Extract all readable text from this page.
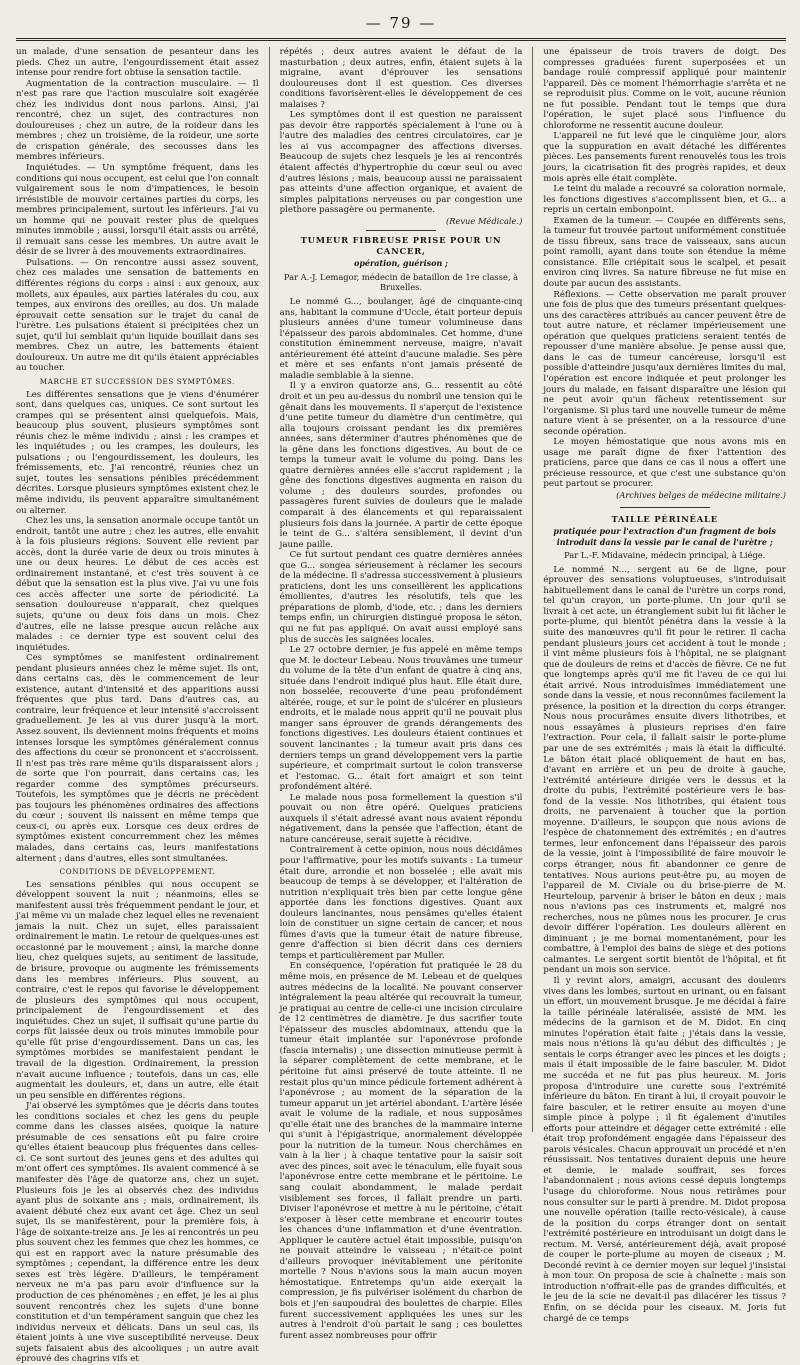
— 79 —

un malade, d'une sensation de pesanteur dans les pieds. Chez un autre, l'engourdissement était assez intense pour rendre fort obtuse la sensation tactile.

Augmentation de la contraction musculaire. — Il n'est pas rare que l'action musculaire soit exagérée chez les individus dont nous parlons. Ainsi, j'ai rencontré, chez un sujet, des contractures non douloureuses ; chez un autre, de la roideur dans les membres ; chez un troisième, de la roideur, une sorte de crispation générale, des secousses dans les membres inférieurs.

Inquiétudes. — Un symptôme fréquent, dans les conditions qui nous occupent, est celui que l'on connaît vulgairement sous le nom d'impatiences, le besoin irrésistible de mouvoir certaines parties du corps, les membres principalement, surtout les inférieurs. J'ai vu un homme qui ne pouvait rester plus de quelques minutes immobile ; aussi, lorsqu'il était assis ou arrêté, il remuait sans cesse les membres. Un autre avait le désir de se livrer à des mouvements extraordinaires.

Pulsations. — On rencontre aussi assez souvent, chez ces malades une sensation de battements en différentes régions du corps : ainsi : aux genoux, aux mollets, aux épaules, aux parties latérales du cou, aux tempes, aux environs des oreilles, au dos. Un malade éprouvait cette sensation sur le trajet du canal de l'urètre. Les pulsations étaient si précipitées chez un sujet, qu'il lui semblait qu'un liquide bouillait dans ses membres. Chez un autre, les battements étaient douloureux. Un autre me dit qu'ils étaient appréciables au toucher.

MARCHE ET SUCCESSION DES SYMPTÔMES.

Les différentes sensations que je viens d'énumérer sont, dans quelques cas, uniques. Ce sont surtout les crampes qui se présentent ainsi quelquefois. Mais, beaucoup plus souvent, plusieurs symptômes sont réunis chez le même individu ; ainsi : les crampes et les inquiétudes ; ou les crampes, les douleurs, les pulsations ; ou l'engourdissement, les douleurs, les frémissements, etc. J'ai rencontré, réunies chez un sujet, toutes les sensations pénibles précédemment décrites. Lorsque plusieurs symptômes existent chez le même individu, ils peuvent apparaître simultanément ou alterner.

Chez les uns, la sensation anormale occupe tantôt un endroit, tantôt une autre ; chez les autres, elle envahit à la fois plusieurs régions. Souvent elle revient par accès, dont la durée varie de deux ou trois minutes à une ou deux heures. Le début de ces accès est ordinairement instantané, et c'est très souvent à ce début que la sensation est la plus vive. J'ai vu une fois ces accès affecter une sorte de périodicité. La sensation douloureuse n'apparait, chez quelques sujets, qu'une ou deux fois dans un mois. Chez d'autres, elle ne laisse presque aucun relâche aux malades : ce dernier type est souvent celui des inquiétudes.

Ces symptômes se manifestent ordinairement pendant plusieurs années chez le même sujet. Ils ont, dans certains cas, dès le commencement de leur existence, autant d'intensité et des apparitions aussi fréquentes que plus tard. Dans d'autres cas, au contraire, leur fréquence et leur intensité s'accroissent graduellement. Je les ai vus durer jusqu'à la mort. Assez souvent, ils deviennent moins fréquents et moins intenses lorsque les symptômes généralement connus des affections du cœur se prononcent et s'accroissent. Il n'est pas très rare même qu'ils disparaissent alors ; de sorte que l'on pourrait, dans certains cas, les regarder comme des symptômes précurseurs. Toutefois, les symptômes que je décris ne précèdent pas toujours les phénomènes ordinaires des affections du cœur ; souvent ils naissent en même temps que ceux-ci, ou après eux. Lorsque ces deux ordres de symptômes existent concurremment chez les mêmes malades, dans certains cas, leurs manifestations alternent ; dans d'autres, elles sont simultanées.

CONDITIONS DE DÉVELOPPEMENT.

Les sensations pénibles qui nous occupent se développent souvent la nuit ; néanmoins, elles se manifestent aussi très fréquemment pendant le jour, et j'ai même vu un malade chez lequel elles ne revenaient jamais la nuit. Chez un sujet, elles paraissaient ordinairement le matin. Le retour de quelques-unes est occasionné par le mouvement ; ainsi, la marche donne lieu, chez quelques sujets, au sentiment de lassitude, de brisure, provoque ou augmente les frémissements dans les membres inférieurs. Plus souvent, au contraire, c'est le repos qui favorise le développement de plusieurs des symptômes qui nous occupent, principalement de l'engourdissement et des inquiétudes. Chez un sujet, il suffisait qu'une partie du corps fût laissée deux ou trois minutes immobile pour qu'elle fût prise d'engourdissement. Dans un cas, les symptômes morbides se manifestaient pendant le travail de la digestion. Ordinairement, la pression n'avait aucune influence ; toutefois, dans un cas, elle augmentait les douleurs, et, dans un autre, elle était un peu sensible en différentes régions.

J'ai observé les symptômes que je décris dans toutes les conditions sociales et chez les gens du peuple comme dans les classes aisées, quoique la nature présumable de ces sensations eût pu faire croire qu'elles étaient beaucoup plus fréquentes dans celles-ci. Ce sont surtout des jeunes gens et des adultes qui m'ont offert ces symptômes. Ils avaient commencé à se manifester dès l'âge de quatorze ans, chez un sujet. Plusieurs fois je les ai observés chez des individus ayant plus de soixante ans ; mais, ordinairement, ils avaient débuté chez eux avant cet âge. Chez un seul sujet, ils se manifestèrent, pour la première fois, à l'âge de soixante-treize ans. Je les ai rencontrés un peu plus souvent chez les femmes que chez les hommes, ce qui est en rapport avec la nature présumable des symptômes ; cependant, la différence entre les deux sexes est très légère. D'ailleurs, le tempérament nerveux ne m'a pas paru avoir d'influence sur la production de ces phénomènes ; en effet, je les ai plus souvent rencontrés chez les sujets d'une bonne constitution et d'un tempérament sanguin que chez les individus nerveux et délicats. Dans un seul cas, ils étaient joints à une vive susceptibilité nerveuse. Deux sujets faisaient abus des alcooliques ; un autre avait éprouvé des chagrins vifs et

répétés ; deux autres avaient le défaut de la masturbation ; deux autres, enfin, étaient sujets à la migraine, avant d'éprouver les sensations douloureuses dont il est question. Ces diverses conditions favorisèrent-elles le développement de ces malaises ?

Les symptômes dont il est question ne paraissent pas devoir être rapportés spécialement à l'une ou à l'autre des maladies des centres circulatoires, car je les ai vus accompagner des affections diverses. Beaucoup de sujets chez lesquels je les ai rencontrés étaient affectés d'hypertrophie du cœur seul ou avec d'autres lésions ; mais, beaucoup aussi ne paraissaient pas atteints d'une affection organique, et avaient de simples palpitations nerveuses ou par congestion une plethore passagère ou permanente.

(Revue Médicale.)
TUMEUR FIBREUSE PRISE POUR UN CANCER,
opération, guérison ;
Par A.-J. Lemagor, médecin de bataillon de 1re classe, à Bruxelles.

Le nommé G..., boulanger, âgé de cinquante-cinq ans, habitant la commune d'Uccle, était porteur depuis plusieurs années d'une tumeur volumineuse dans l'épaisseur des parois abdominales. Cet homme, d'une constitution éminemment nerveuse, maigre, n'avait antérieurement été atteint d'aucune maladie. Ses père et mère et ses enfants n'ont jamais présenté de maladie semblable à la sienne.

Il y a environ quatorze ans, G... ressentit au côté droit et un peu au-dessus du nombril une tension qui le gênait dans les mouvements. Il s'aperçut de l'existence d'une petite tumeur du diamètre d'un centimètre, qui alla toujours croissant pendant les dix premières années, sans déterminer d'autres phénomènes que de la gêne dans les fonctions digestives. Au bout de ce temps la tumeur avait le volume du poing. Dans les quatre dernières années elle s'accrut rapidement ; la gêne des fonctions digestives augmenta en raison du volume ; des douleurs sourdes, profondes ou passagères furent suivies de douleurs que le malade comparait à des élancements et qui reparaissaient plusieurs fois dans la journée. A partir de cette époque le teint de G... s'altéra sensiblement, il devint d'un jaune paille.

Ce fut surtout pendant ces quatre dernières années que G... songea sérieusement à réclamer les secours de la médecine. Il s'adressa successivement à plusieurs praticiens, dont les uns conseillèrent les applications émollientes, d'autres les résolutifs, tels que les préparations de plomb, d'iode, etc. ; dans les derniers temps enfin, un chirurgien distingué proposa le séton, qui ne fut pas appliqué. On avait aussi employé sans plus de succès les saignées locales.

Le 27 octobre dernier, je fus appelé en même temps que M. le docteur Lebeau. Nous trouvâmes une tumeur du volume de la tête d'un enfant de quatre à cinq ans, située dans l'endroit indiqué plus haut. Elle était dure, non bosselée, recouverte d'une peau profondément altérée, rouge, et sur le point de s'ulcérer en plusieurs endroits, et le malade nous apprit qu'il ne pouvait plus manger sans éprouver de grands dérangements des fonctions digestives. Les douleurs étaient continues et souvent lancinantes ; la tumeur avait pris dans ces derniers temps un grand développement vers la partie supérieure, et comprimait surtout le colon transverse et l'estomac. G... était fort amaigri et son teint profondément altéré.

Le malade nous posa formellement la question s'il pouvait ou non être opéré. Quelques praticiens auxquels il s'était adressé avant nous avaient répondu négativement, dans la pensée que l'affection, étant de nature cancéreuse, serait sujette à récidive.

Contrairement à cette opinion, nous nous décidâmes pour l'affirmative, pour les motifs suivants : La tumeur était dure, arrondie et non bosselée ; elle avait mis beaucoup de temps à se développer, et l'altération de nutrition n'expliquait très bien par cette longue gêne apportée dans les fonctions digestives. Quant aux douleurs lancinantes, nous pensâmes qu'elles étaient loin de constituer un signe certain de cancer, et nous fûmes d'avis que la tumeur était de nature fibreuse, genre d'affection si bien décrit dans ces derniers temps et particulièrement par Muller.

En conséquence, l'opération fut pratiquée le 28 du même mois, en présence de M. Lebeau et de quelques autres médecins de la localité. Ne pouvant conserver intégralement la peau altérée qui recouvrait la tumeur, je pratiquai au centre de celle-ci une incision circulaire de 12 centimètres de diamètre. Je dus sacrifier toute l'épaisseur des muscles abdominaux, attendu que la tumeur était implantée sur l'aponévrose profonde (fascia internalis) ; une dissection minutieuse permit à la séparer complètement de cette membrane, et le péritoine fut ainsi préservé de toute atteinte. Il ne restait plus qu'un mince pédicule fortement adhérent à l'aponévrose ; au moment de la séparation de la tumeur apparut un jet artériel abondant. L'artère lésée avait le volume de la radiale, et nous supposâmes qu'elle était une des branches de la mammaire interne qui s'unit à l'épigastrique, anormalement développée pour la nutrition de la tumeur. Nous cherchâmes en vain à la lier ; à chaque tentative pour la saisir soit avec des pinces, soit avec le ténaculum, elle fuyait sous l'aponévrose entre cette membrane et le péritoine. Le sang coulait abondamment, le malade perdait visiblement ses forces, il fallait prendre un parti. Diviser l'aponévrose et mettre à nu le péritoine, c'était s'exposer à lèser cette membrane et encourir toutes les chances d'une inflammation et d'une éventration. Appliquer le cautère actuel était impossible, puisqu'on ne pouvait atteindre le vaisseau ; n'était-ce point d'ailleurs provoquer inévitablement une péritonite mortelle ? Nous n'avions sous la main aucun moyen hémostatique. Entretemps qu'un aide exerçait la compression, je fis pulvériser isolément du charbon de bois et j'en saupoudrai des boulettes de charpie. Elles furent successivement appliquées les unes sur les autres à l'endroit d'où partait le sang ; ces boulettes furent assez nombreuses pour offrir

une épaisseur de trois travers de doigt. Des compresses graduées furent superposées et un bandage roulé compressif appliqué pour maintenir l'appareil. Dès ce moment l'hémorrhagie s'arrêta et ne se reproduisit plus. Comme on le voit, aucune réunion ne fut possible. Pendant tout le temps que dura l'opération, le sujet placé sous l'influence du chloroforme ne ressentit aucune douleur.

L'appareil ne fut levé que le cinquième jour, alors que la suppuration en avait détaché les différentes pièces. Les pansements furent renouvelés tous les trois jours, la cicatrisation fit des progrès rapides, et deux mois après elle était complète.

Le teint du malade a recouvré sa coloration normale, les fonctions digestives s'accomplissent bien, et G... a repris un certain embonpoint.

Examen de la tumeur. — Coupée en différents sens, la tumeur fut trouvée partout uniformément constituée de tissu fibreux, sans trace de vaisseaux, sans aucun point ramolli, ayant dans toute son étendue la même consistance. Elle criépitait sous le scalpel, et pesait environ cinq livres. Sa nature fibreuse ne fut mise en doute par aucun des assistants.

Réflexions. — Cette observation me paraît prouver une fois de plus que des tumeurs présentant quelques-uns des caractères attribués au cancer peuvent être de tout autre nature, et réclamer impérieusement une opération que quelques praticiens seraient tentés de repousser d'une manière absolue. Je pense aussi que, dans le cas de tumeur cancéreuse, lorsqu'il est possible d'atteindre jusqu'aux dernières limites du mal, l'opération est encore indiquée et peut prolonger les jours du malade, en faisant disparaître une lésion qui ne peut avoir qu'un fâcheux retentissement sur l'organisme. Si plus tard une nouvelle tumeur de même nature vient à se présenter, on a la ressource d'une seconde opération.

Le moyen hémostatique que nous avons mis en usage me paraît digne de fixer l'attention des praticiens, parce que dans ce cas il nous a offert une précieuse ressource, et que c'est une substance qu'on peut partout se procurer.

(Archives belges de médecine militaire.)
TAILLE PÉRINÉALE
pratiquée pour l'extraction d'un fragment de bois introduit dans la vessie par le canal de l'urètre ;
Par L.-F. Midavaine, médecin principal, à Liége.

Le nommé N..., sergent au 6e de ligne, pour éprouver des sensations voluptueuses, s'introduisait habituellement dans le canal de l'urètre un corps rond, tel qu'un crayon, un porte-plume. Un jour qu'il se livrait à cet acte, un étranglement subit lui fit lâcher le porte-plume, qui bientôt pénétra dans la vessie à la suite des manœuvres qu'il fit pour le retirer. Il cacha pendant plusieurs jours cet accident à tout le monde ; il vint même plusieurs fois à l'hôpital, ne se plaignant que de douleurs de reins et d'accès de fièvre. Ce ne fut que longtemps après qu'il me fit l'aveu de ce qui lui était arrivé. Nous introduisîmes immédiatement une sonde dans la vessie, et nous reconnûmes facilement la présence, la position et la direction du corps étranger. Nous nous procurâmes ensuite divers lithotribes, et nous essayâmes à plusieurs reprises d'en faire l'extraction. Pour cela, il fallait saisir le porte-plume par une de ses extrémités ; mais là était la difficulté. Le bâton était placé obliquement de haut en bas, d'avant en arrière et un peu de droite à gauche, l'extrémité antérieure dirigée vers le dessus et la droite du pubis, l'extrémité postérieure vers le bas-fond de la vessie. Nos lithotribes, qui étaient tous droits, ne parvenaient à toucher que la portion moyenne. D'ailleurs, le soupçon que nous avions de l'espèce de chatonnement des extrémités ; en d'autres termes, leur enfoncement dans l'épaisseur des parois de la vessie, joint à l'impossibilité de faire mouvoir le corps étranger, nous fit abandonner ce genre de tentatives. Nous aurions peut-être pu, au moyen de l'appareil de M. Civiale ou du brise-pierre de M. Heurteloup, parvenir à briser le bâton en deux ; mais nous n'avions pas ces instruments et, malgré nos recherches, nous ne pûmes nous les procurer. Je crus devoir différer l'opération. Les douleurs allèrent en diminuant ; je me bornai momentanément, pour les combattre, à l'emploi des bains de siège et des potions calmantes. Le sergent sortit bientôt de l'hôpital, et fit pendant un mois son service.

Il y revint alors, amaigri, accusant des douleurs vives dans les lombes, surtout en urinant, ou en faisant un effort, un mouvement brusque. Je me décidai à faire la taille périnéale latéralisée, assisté de MM. les médecins de la garnison et de M. Didot. En cinq minutes l'opération était faite ; j'étais dans la vessie, mais nous n'étions là qu'au début des difficultés ; je sentais le corps étranger avec les pinces et les doigts ; mais il était impossible de le faire basculer. M. Didot me succéda et ne fut pas plus heureux. M. Joris proposa d'introduire une curette sous l'extrémité inférieure du bâton. En tirant à lui, il croyait pouvoir le faire basculer, et le retirer ensuite au moyen d'une simple pince à polype ; il fit également d'inutiles efforts pour atteindre et dégager cette extrémité : elle était trop profondément engagée dans l'épaisseur des parois vésicales. Chacun approuvait un procédé et n'en réussissait. Nos tentatives duraient depuis une heure et demie, le malade souffrait, ses forces l'abandonnaient ; nous avions cessé depuis longtemps l'usage du chloroforme. Nous nous retirâmes pour nous consulter sur le parti à prendre. M. Didot proposa une nouvelle opération (taille recto-vésicale), à cause de la position du corps étranger dont on sentait l'extrémité postérieure en introduisant un doigt dans le rectum. M. Versé, antérieurement déjà, avait proposé de couper le porte-plume au moyen de ciseaux ; M. Decondé revint à ce dernier moyen sur lequel j'insistai à mon tour. On proposa de scie à chaînette : mais son introduction n'offrait-elle pas de grandes difficultés, et le jeu de la scie ne devait-il pas dilacérer les tissus ? Enfin, on se décida pour les ciseaux. M. Joris fut chargé de ce temps
